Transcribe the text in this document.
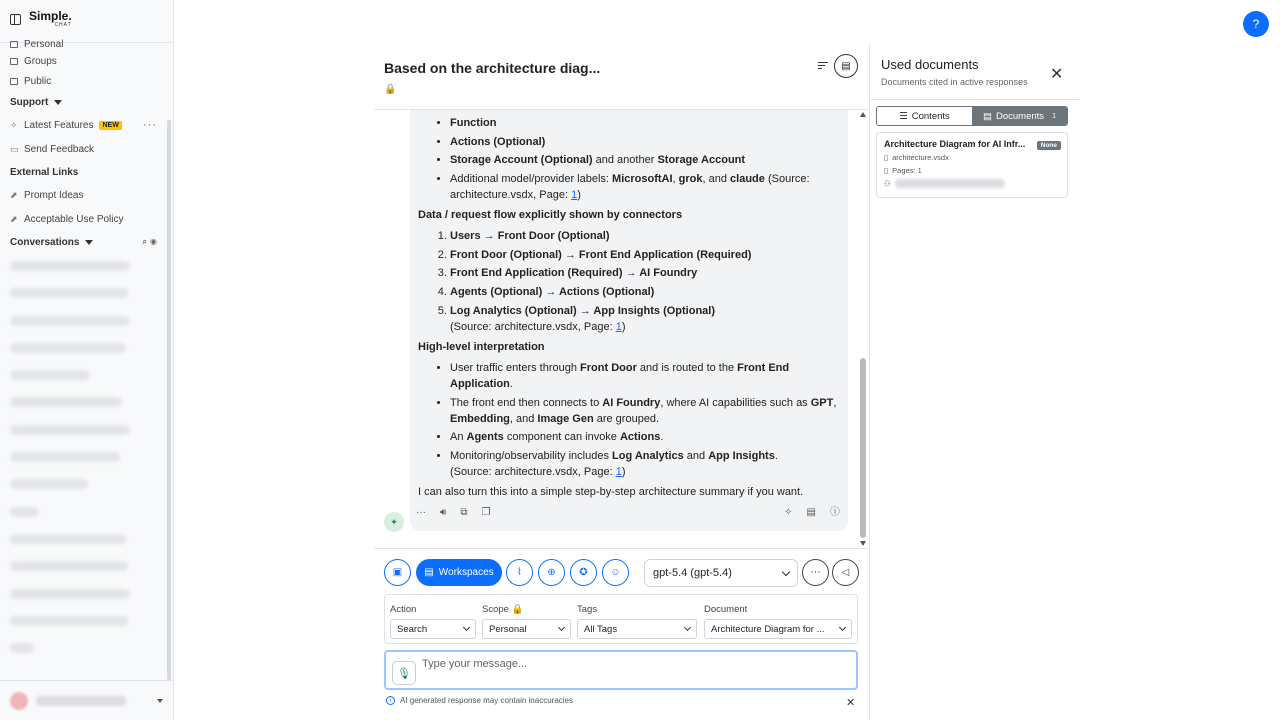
Simple.
CHAT
Personal
Groups
Public
Support
✧ Latest Features	NEW ···
▭ Send Feedback
External Links
⬈ Prompt Ideas
⬈ Acceptable Use Policy
Conversations	⌕ ◉
Based on the architecture diag...
🔒
▤
• Function
• Actions (Optional)
• Storage Account (Optional) and another Storage Account
• Additional model/provider labels: MicrosoftAI, grok, and claude (Source: architecture.vsdx, Page: 1)
Data / request flow explicitly shown by connectors
1. Users → Front Door (Optional)
2. Front Door (Optional) → Front End Application (Required)
3. Front End Application (Required) → AI Foundry
4. Agents (Optional) → Actions (Optional)
5. Log Analytics (Optional) → App Insights (Optional)
(Source: architecture.vsdx, Page: 1)
High-level interpretation
• User traffic enters through Front Door and is routed to the Front End Application.
• The front end then connects to AI Foundry, where AI capabilities such as GPT,
Embedding, and Image Gen are grouped.
• An Agents component can invoke Actions.
• Monitoring/observability includes Log Analytics and App Insights.
(Source: architecture.vsdx, Page: 1)
I can also turn this into a simple step-by-step architecture summary if you want.
··· 🔊︎ ⧉ ❐	✧ ▤ ⓘ
✦
▣ ▤ Workspaces ⌇	⊕ ✪ ☺	gpt-5.4 (gpt-5.4)	⋯ ◁
Action
Search
Scope 🔒
Personal
Tags
All Tags
Document
Architecture Diagram for ...
🎙︎
Type your message...
i	AI generated response may contain inaccuracies	✕
Used documents
Documents cited in active responses ✕
☰ Contents	▤ Documents 1
Architecture Diagram for AI Infr...	None
▯ architecture.vsdx
▯ Pages: 1
⚇
?
